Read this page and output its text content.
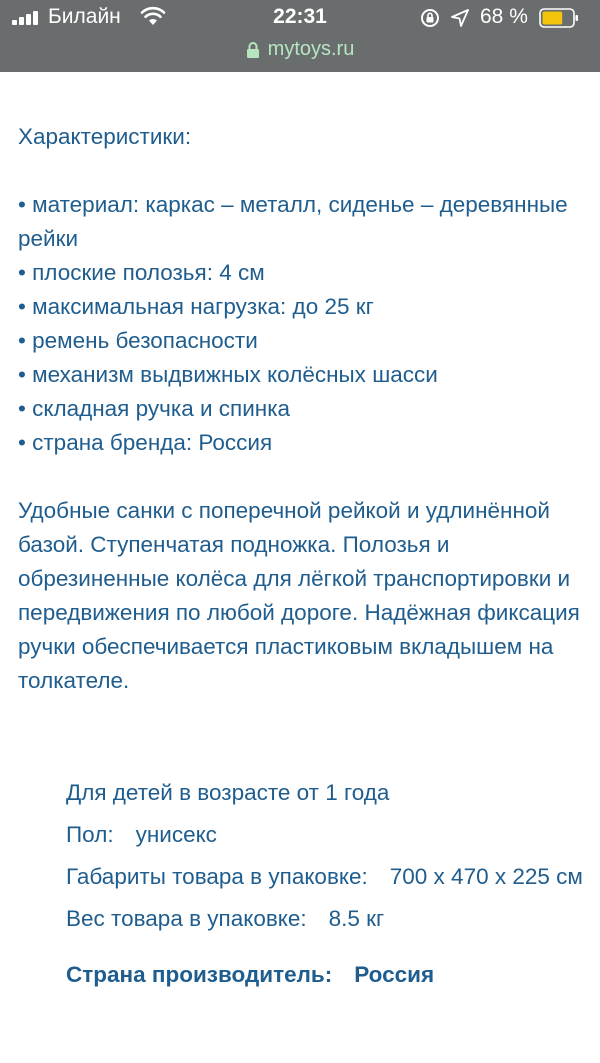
Билайн	22:31	68 %
mytoys.ru

Характеристики:

• материал: каркас – металл, сиденье – деревянные рейки
• плоские полозья: 4 см
• максимальная нагрузка: до 25 кг
• ремень безопасности
• механизм выдвижных колёсных шасси
• складная ручка и спинка
• страна бренда: Россия

Удобные санки с поперечной рейкой и удлинённой базой. Ступенчатая подножка. Полозья и обрезиненные колёса для лёгкой транспортировки и передвижения по любой дороге. Надёжная фиксация ручки обеспечивается пластиковым вкладышем на толкателе.

Для детей в возрасте от 1 года

Пол: унисекс

Габариты товара в упаковке: 700 x 470 x 225 см

Вес товара в упаковке: 8.5 кг

Страна производитель: Россия
